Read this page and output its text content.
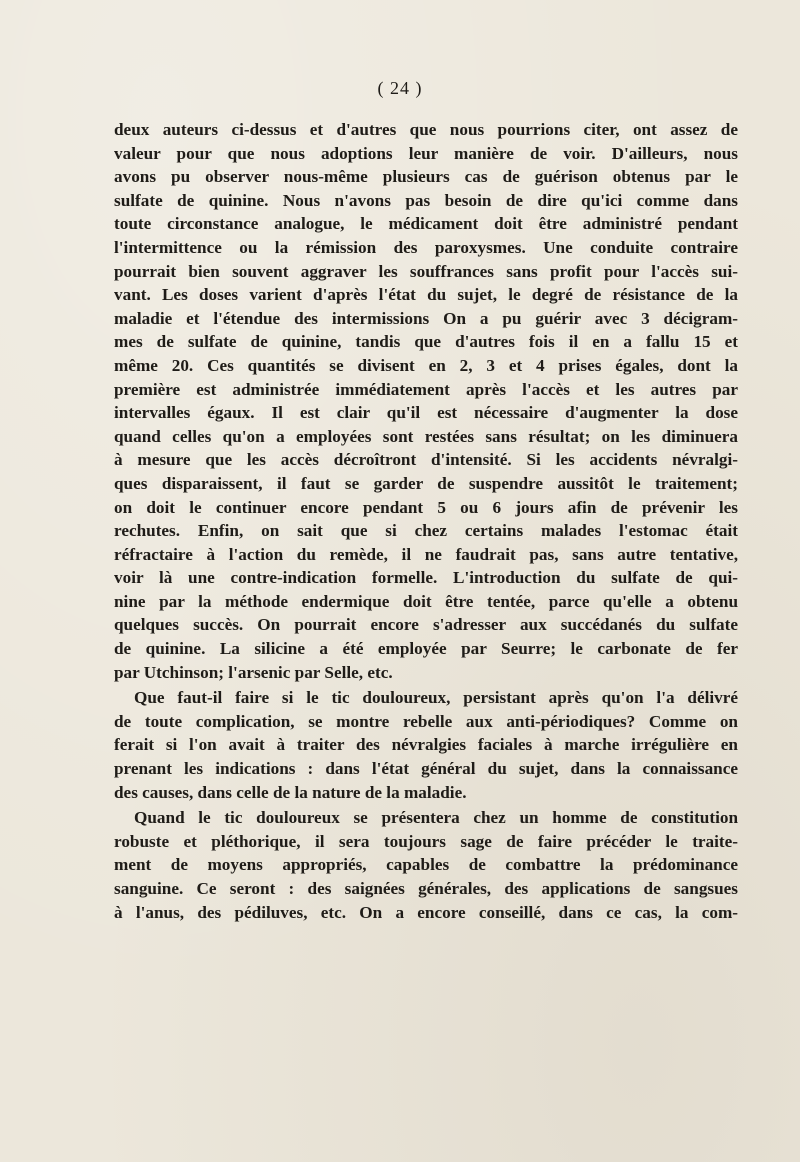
( 24 )
deux auteurs ci-dessus et d'autres que nous pourrions citer, ont assez de
valeur pour que nous adoptions leur manière de voir. D'ailleurs, nous
avons pu observer nous-même plusieurs cas de guérison obtenus par le
sulfate de quinine. Nous n'avons pas besoin de dire qu'ici comme dans
toute circonstance analogue, le médicament doit être administré pendant
l'intermittence ou la rémission des paroxysmes. Une conduite contraire
pourrait bien souvent aggraver les souffrances sans profit pour l'accès sui-
vant. Les doses varient d'après l'état du sujet, le degré de résistance de la
maladie et l'étendue des intermissions On a pu guérir avec 3 décigram-
mes de sulfate de quinine, tandis que d'autres fois il en a fallu 15 et
même 20. Ces quantités se divisent en 2, 3 et 4 prises égales, dont la
première est administrée immédiatement après l'accès et les autres par
intervalles égaux. Il est clair qu'il est nécessaire d'augmenter la dose
quand celles qu'on a employées sont restées sans résultat; on les diminuera
à mesure que les accès décroîtront d'intensité. Si les accidents névralgi-
ques disparaissent, il faut se garder de suspendre aussitôt le traitement;
on doit le continuer encore pendant 5 ou 6 jours afin de prévenir les
rechutes. Enfin, on sait que si chez certains malades l'estomac était
réfractaire à l'action du remède, il ne faudrait pas, sans autre tentative,
voir là une contre-indication formelle. L'introduction du sulfate de qui-
nine par la méthode endermique doit être tentée, parce qu'elle a obtenu
quelques succès. On pourrait encore s'adresser aux succédanés du sulfate
de quinine. La silicine a été employée par Seurre; le carbonate de fer
par Utchinson; l'arsenic par Selle, etc.
Que faut-il faire si le tic douloureux, persistant après qu'on l'a délivré
de toute complication, se montre rebelle aux anti-périodiques? Comme on
ferait si l'on avait à traiter des névralgies faciales à marche irrégulière en
prenant les indications : dans l'état général du sujet, dans la connaissance
des causes, dans celle de la nature de la maladie.
Quand le tic douloureux se présentera chez un homme de constitution
robuste et pléthorique, il sera toujours sage de faire précéder le traite-
ment de moyens appropriés, capables de combattre la prédominance
sanguine. Ce seront : des saignées générales, des applications de sangsues
à l'anus, des pédiluves, etc. On a encore conseillé, dans ce cas, la com-
